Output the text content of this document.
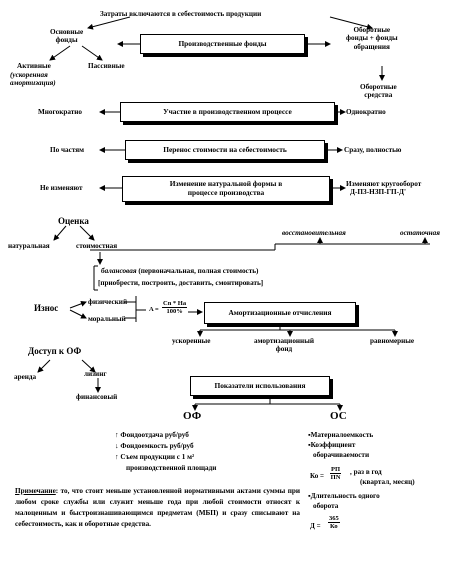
Затраты включаются в себестоимость продукции
Производственные фонды
Основные
фонды
Активные
(ускоренная
амортизация)
Пассивные
Оборотные
фонды + фонды
обращения
Оборотные
средства
Многократно	Участие в производственном процессе	Однократно
По частям	Перенос стоимости на себестоимость	Сразу, полностью
Не изменяют	Изменение натуральной формы в
процессе производства
Изменяют кругооборот
Д-ПЗ-НЗП-ГП-Д'
Оценка
натуральная	стоимостная
восстановительная	остаточная
балансовая (первоначальная, полная стоимость)
[приобрести, построить, доставить, смонтировать]
Износ
физический
моральный
$A = \frac{Cn * Ha}{100\%}$	Амортизационные отчисления
ускоренные	амортизационный
фонд
равномерные
Доступ к ОФ
аренда	лизинг
финансовый
Показатели использования
ОФ	ОС
↑ Фондоотдача руб/руб
↓ Фондоемкость руб/руб
↑ Съем продукции с 1 м²
производственной площади
▪Материалоемкость
▪Коэффициент
оборачиваемости
Ко =
РП
ПN
, раз в год
(квартал, месяц)
▪Длительность одного
оборота
Д =
365
Ко
Примечание: то, что стоит меньше установленной нормативными актами суммы при любом сроке службы или служит меньше года при любой стоимости относят к малоценным и быстроизнашивающимся предметам (МБП) и сразу списывают на себестоимость, как и оборотные средства.
